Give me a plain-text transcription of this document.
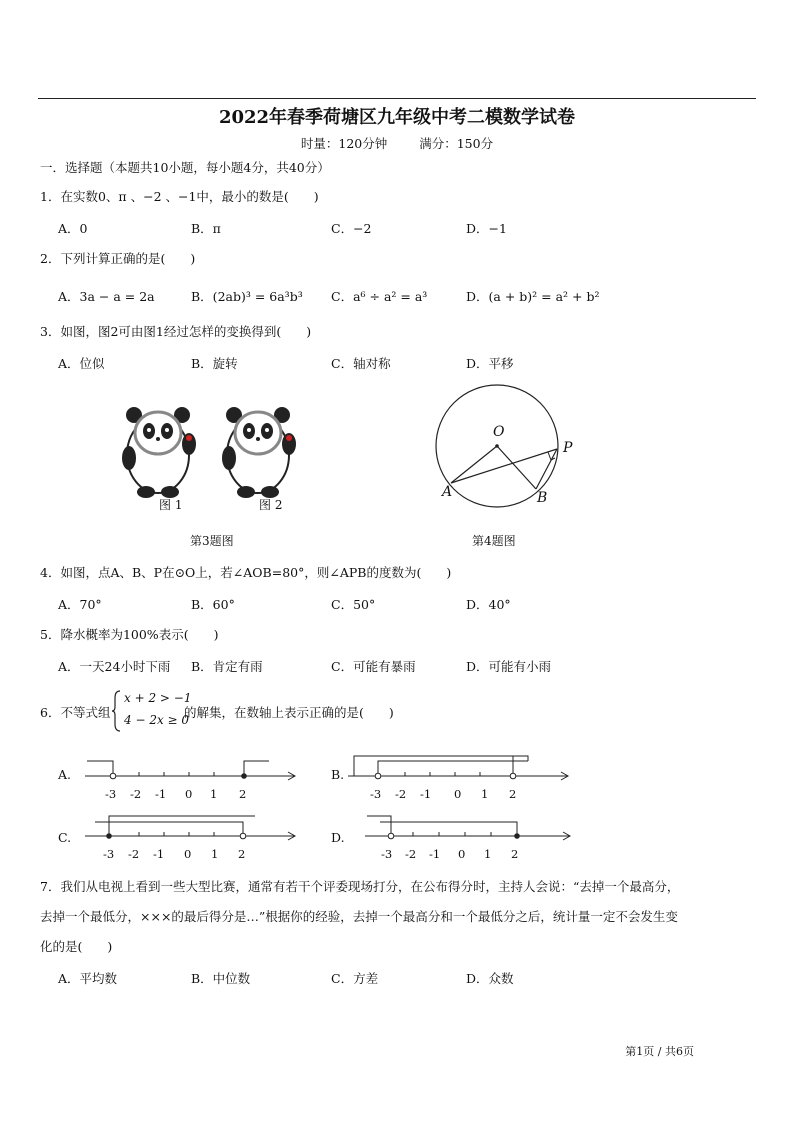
2022年春季荷塘区九年级中考二模数学试卷
时量：120分钟	满分：150分
一．选择题（本题共10小题，每小题4分，共40分）
1．在实数0、π 、−2 、−1中，最小的数是(　　)
A．0	B．π	C．−2	D．−1
2．下列计算正确的是(　　)
A．3a − a = 2a	B．(2ab)³ = 6a³b³ C．a⁶ ÷ a² = a³	D．(a + b)² = a² + b²
3．如图，图2可由图1经过怎样的变换得到(　　)
A．位似	B．旋转	C．轴对称	D．平移
图 1	图 2
第3题图
O
P
A	B
第4题图
4．如图，点A、B、P在⊙O上，若∠AOB=80°，则∠APB的度数为(　　)
A．70°	B．60°	C．50°	D．40°
5．降水概率为100%表示(　　)
A．一天24小时下雨 B．肯定有雨	C．可能有暴雨	D．可能有小雨
6．不等式组
x + 2 > −1
4 − 2x ≥ 0
的解集，在数轴上表示正确的是(　　)
A.	B.
C.	D.
-3 -2 -1 0 1 2	-3 -2 -1 0 1 2
-3 -2 -1 0 1 2	-3 -2 -1 0 1 2
7．我们从电视上看到一些大型比赛，通常有若干个评委现场打分，在公布得分时，主持人会说：“去掉一个最高分，
去掉一个最低分，×××的最后得分是…”根据你的经验，去掉一个最高分和一个最低分之后，统计量一定不会发生变
化的是(　　)
A．平均数	B．中位数	C．方差	D．众数
第1页 / 共6页
